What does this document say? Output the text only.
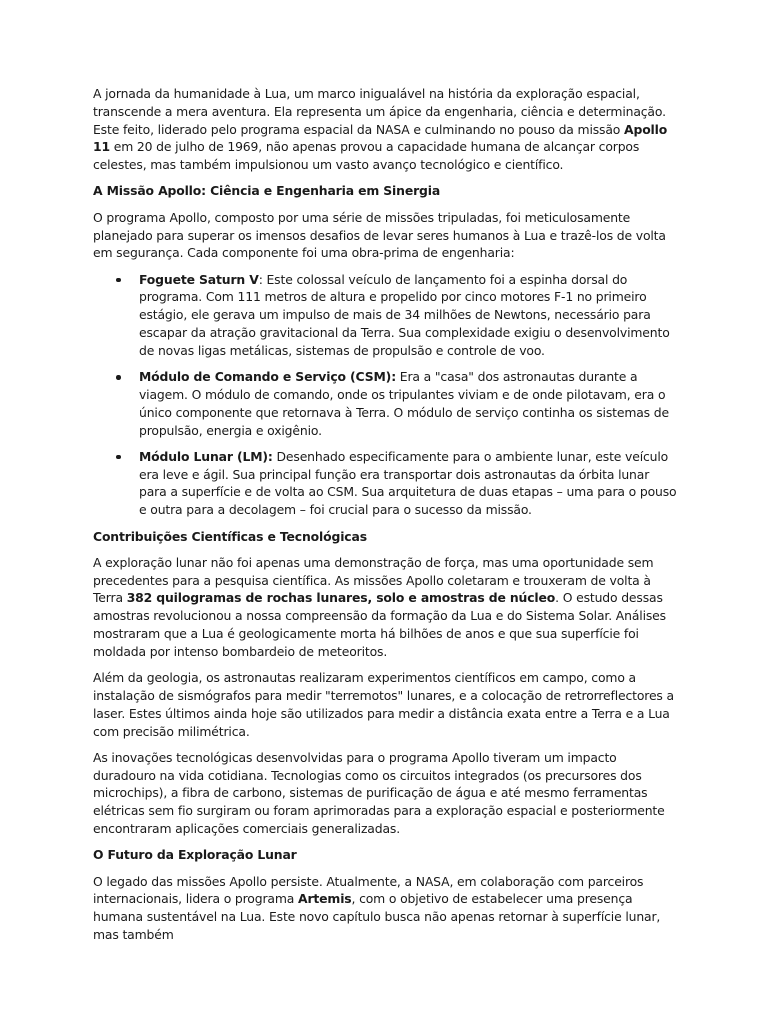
A jornada da humanidade à Lua, um marco inigualável na história da exploração espacial, transcende a mera aventura. Ela representa um ápice da engenharia, ciência e determinação. Este feito, liderado pelo programa espacial da NASA e culminando no pouso da missão Apollo 11 em 20 de julho de 1969, não apenas provou a capacidade humana de alcançar corpos celestes, mas também impulsionou um vasto avanço tecnológico e científico.

A Missão Apollo: Ciência e Engenharia em Sinergia

O programa Apollo, composto por uma série de missões tripuladas, foi meticulosamente planejado para superar os imensos desafios de levar seres humanos à Lua e trazê-los de volta em segurança. Cada componente foi uma obra-prima de engenharia:

Foguete Saturn V: Este colossal veículo de lançamento foi a espinha dorsal do programa. Com 111 metros de altura e propelido por cinco motores F-1 no primeiro estágio, ele gerava um impulso de mais de 34 milhões de Newtons, necessário para escapar da atração gravitacional da Terra. Sua complexidade exigiu o desenvolvimento de novas ligas metálicas, sistemas de propulsão e controle de voo.
Módulo de Comando e Serviço (CSM): Era a "casa" dos astronautas durante a viagem. O módulo de comando, onde os tripulantes viviam e de onde pilotavam, era o único componente que retornava à Terra. O módulo de serviço continha os sistemas de propulsão, energia e oxigênio.
Módulo Lunar (LM): Desenhado especificamente para o ambiente lunar, este veículo era leve e ágil. Sua principal função era transportar dois astronautas da órbita lunar para a superfície e de volta ao CSM. Sua arquitetura de duas etapas – uma para o pouso e outra para a decolagem – foi crucial para o sucesso da missão.
Contribuições Científicas e Tecnológicas

A exploração lunar não foi apenas uma demonstração de força, mas uma oportunidade sem precedentes para a pesquisa científica. As missões Apollo coletaram e trouxeram de volta à Terra 382 quilogramas de rochas lunares, solo e amostras de núcleo. O estudo dessas amostras revolucionou a nossa compreensão da formação da Lua e do Sistema Solar. Análises mostraram que a Lua é geologicamente morta há bilhões de anos e que sua superfície foi moldada por intenso bombardeio de meteoritos.

Além da geologia, os astronautas realizaram experimentos científicos em campo, como a instalação de sismógrafos para medir "terremotos" lunares, e a colocação de retrorreflectores a laser. Estes últimos ainda hoje são utilizados para medir a distância exata entre a Terra e a Lua com precisão milimétrica.

As inovações tecnológicas desenvolvidas para o programa Apollo tiveram um impacto duradouro na vida cotidiana. Tecnologias como os circuitos integrados (os precursores dos microchips), a fibra de carbono, sistemas de purificação de água e até mesmo ferramentas elétricas sem fio surgiram ou foram aprimoradas para a exploração espacial e posteriormente encontraram aplicações comerciais generalizadas.

O Futuro da Exploração Lunar

O legado das missões Apollo persiste. Atualmente, a NASA, em colaboração com parceiros internacionais, lidera o programa Artemis, com o objetivo de estabelecer uma presença humana sustentável na Lua. Este novo capítulo busca não apenas retornar à superfície lunar, mas também
